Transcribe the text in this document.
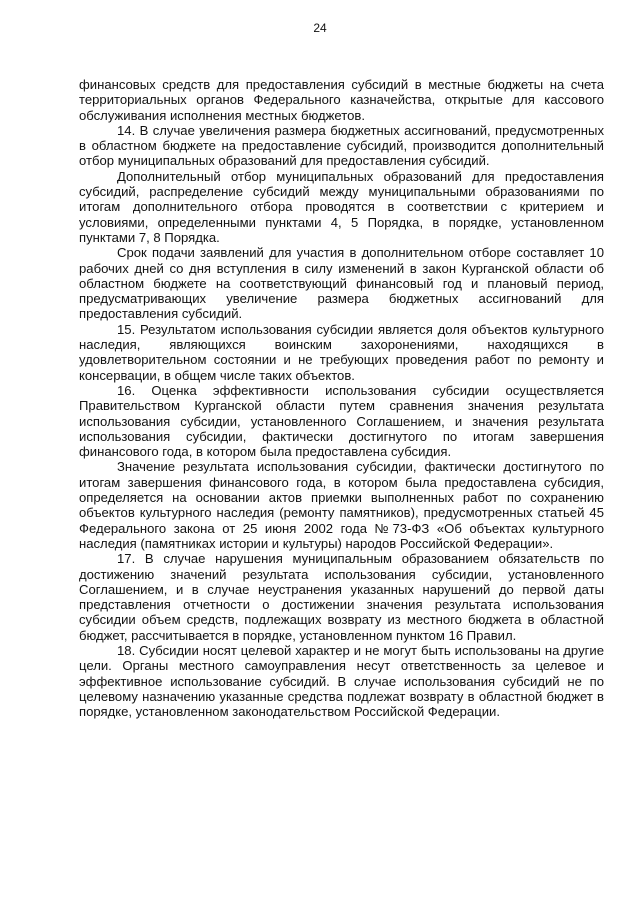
24

финансовых средств для предоставления субсидий в местные бюджеты на счета территориальных органов Федерального казначейства, открытые для кассового обслуживания исполнения местных бюджетов.

14. В случае увеличения размера бюджетных ассигнований, предусмотренных в областном бюджете на предоставление субсидий, производится дополнительный отбор муниципальных образований для предоставления субсидий.

Дополнительный отбор муниципальных образований для предоставления субсидий, распределение субсидий между муниципальными образованиями по итогам дополнительного отбора проводятся в соответствии с критерием и условиями, определенными пунктами 4, 5 Порядка, в порядке, установленном пунктами 7, 8 Порядка.

Срок подачи заявлений для участия в дополнительном отборе составляет 10 рабочих дней со дня вступления в силу изменений в закон Курганской области об областном бюджете на соответствующий финансовый год и плановый период, предусматривающих увеличение размера бюджетных ассигнований для предоставления субсидий.

15. Результатом использования субсидии является доля объектов культурного наследия, являющихся воинским захоронениями, находящихся в удовлетворительном состоянии и не требующих проведения работ по ремонту и консервации, в общем числе таких объектов.

16. Оценка эффективности использования субсидии осуществляется Правительством Курганской области путем сравнения значения результата использования субсидии, установленного Соглашением, и значения результата использования субсидии, фактически достигнутого по итогам завершения финансового года, в котором была предоставлена субсидия.

Значение результата использования субсидии, фактически достигнутого по итогам завершения финансового года, в котором была предоставлена субсидия, определяется на основании актов приемки выполненных работ по сохранению объектов культурного наследия (ремонту памятников), предусмотренных статьей 45 Федерального закона от 25 июня 2002 года №73-ФЗ «Об объектах культурного наследия (памятниках истории и культуры) народов Российской Федерации».

17. В случае нарушения муниципальным образованием обязательств по достижению значений результата использования субсидии, установленного Соглашением, и в случае неустранения указанных нарушений до первой даты представления отчетности о достижении значения результата использования субсидии объем средств, подлежащих возврату из местного бюджета в областной бюджет, рассчитывается в порядке, установленном пунктом 16 Правил.

18. Субсидии носят целевой характер и не могут быть использованы на другие цели. Органы местного самоуправления несут ответственность за целевое и эффективное использование субсидий. В случае использования субсидий не по целевому назначению указанные средства подлежат возврату в областной бюджет в порядке, установленном законодательством Российской Федерации.
